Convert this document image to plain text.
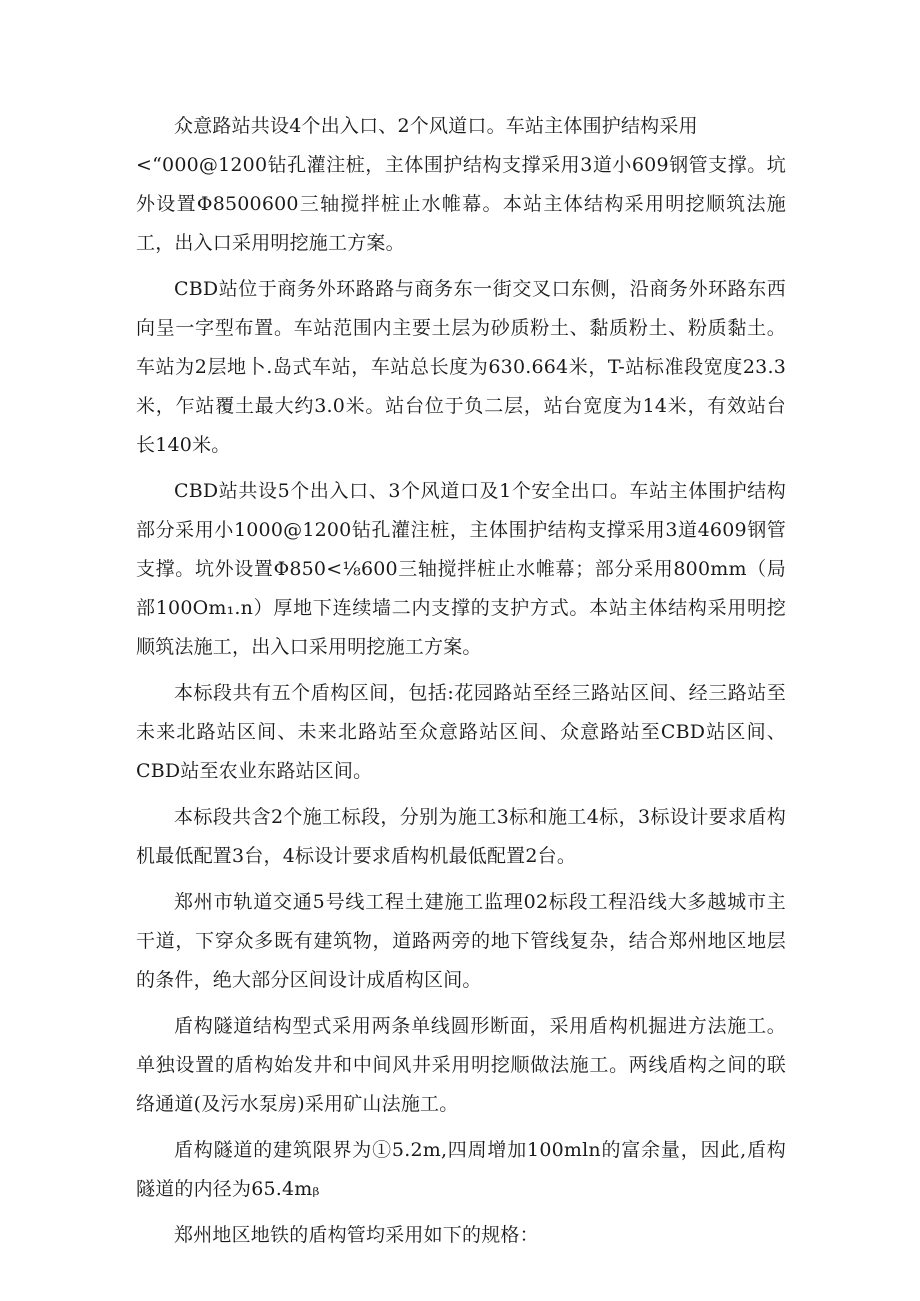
众意路站共设4个出入口、2个风道口。车站主体围护结构采用
<“000@1200钻孔灌注桩，主体围护结构支撑采用3道小609钢管支撑。坑外设置Φ8500600三轴搅拌桩止水帷幕。本站主体结构采用明挖顺筑法施工，出入口采用明挖施工方案。

CBD站位于商务外环路路与商务东一街交叉口东侧，沿商务外环路东西向呈一字型布置。车站范围内主要土层为砂质粉土、黏质粉土、粉质黏土。车站为2层地卜.岛式车站，车站总长度为630.664米，T-站标准段宽度23.3米，乍站覆土最大约3.0米。站台位于负二层，站台宽度为14米，有效站台长140米。

CBD站共设5个出入口、3个风道口及1个安全出口。车站主体围护结构部分采用小1000@1200钻孔灌注桩，主体围护结构支撑采用3道4609钢管支撑。坑外设置Φ850<⅛600三轴搅拌桩止水帷幕；部分采用800mm（局部100Om₁.n）厚地下连续墙二内支撑的支护方式。本站主体结构采用明挖顺筑法施工，出入口采用明挖施工方案。

本标段共有五个盾构区间，包括:花园路站至经三路站区间、经三路站至未来北路站区间、未来北路站至众意路站区间、众意路站至CBD站区间、CBD站至农业东路站区间。

本标段共含2个施工标段，分别为施工3标和施工4标，3标设计要求盾构机最低配置3台，4标设计要求盾构机最低配置2台。

郑州市轨道交通5号线工程土建施工监理02标段工程沿线大多越城市主干道，下穿众多既有建筑物，道路两旁的地下管线复杂，结合郑州地区地层的条件，绝大部分区间设计成盾构区间。

盾构隧道结构型式采用两条单线圆形断面，采用盾构机掘进方法施工。单独设置的盾构始发井和中间风井采用明挖顺做法施工。两线盾构之间的联络通道(及污水泵房)采用矿山法施工。

盾构隧道的建筑限界为①5.2m,四周增加100mln的富余量，因此,盾构隧道的内径为65.4mᵦ

郑州地区地铁的盾构管均采用如下的规格：
